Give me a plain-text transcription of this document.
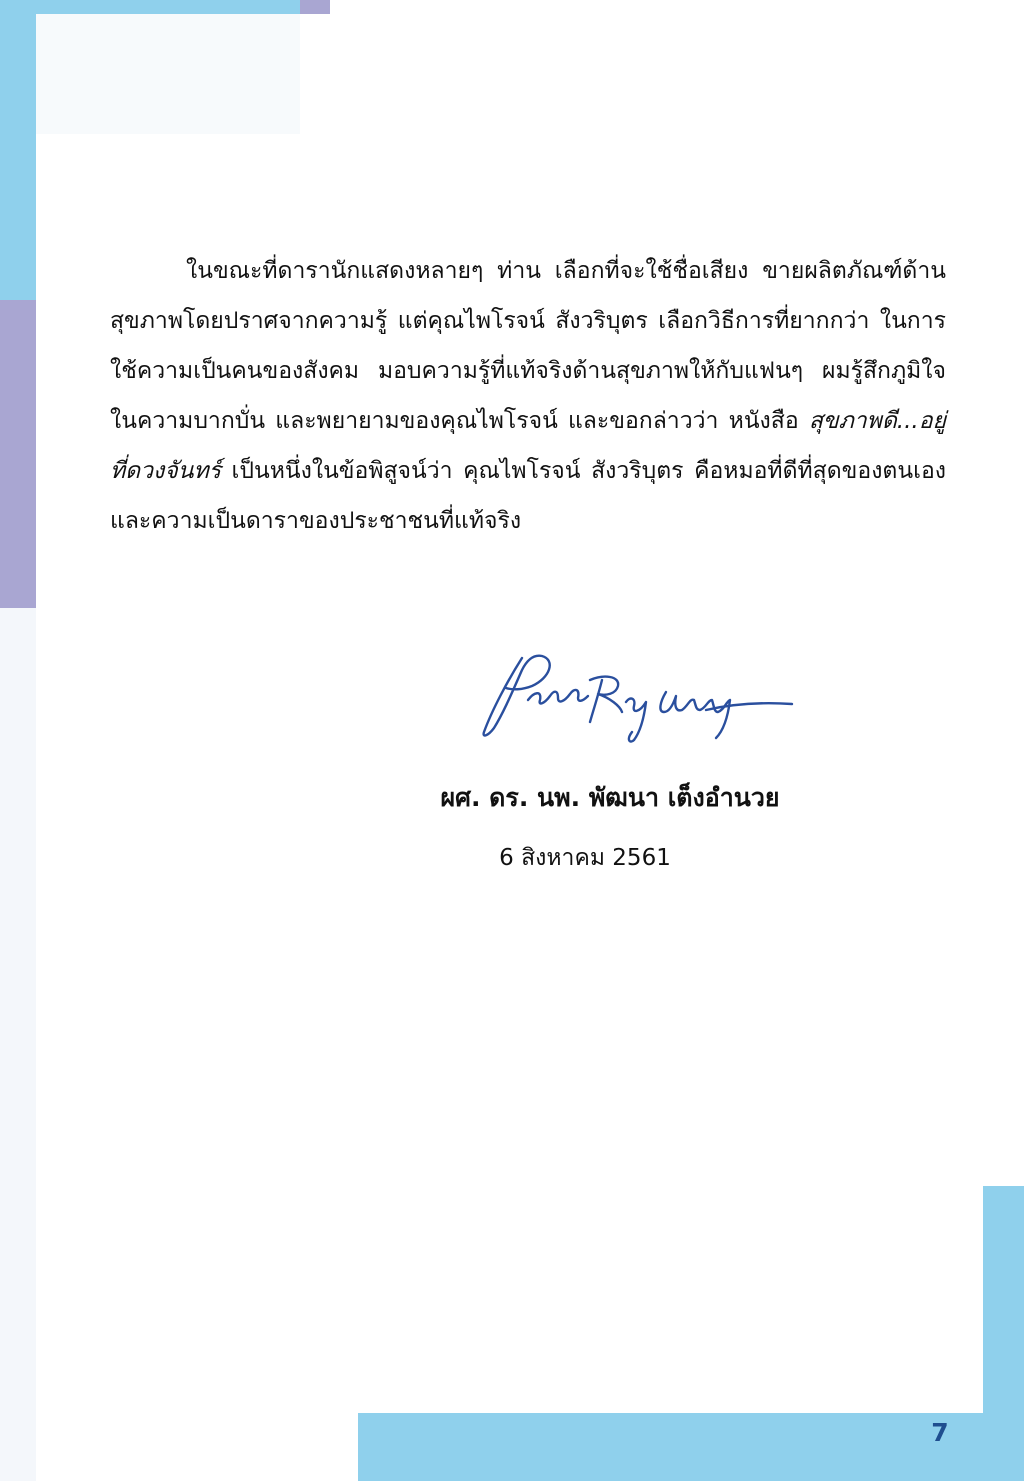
ในขณะที่ดารานักแสดงหลายๆ ท่าน เลือกที่จะใช้ชื่อเสียง ขายผลิตภัณฑ์ด้านสุขภาพโดยปราศจากความรู้ แต่คุณไพโรจน์ สังวริบุตร เลือกวิธีการที่ยากกว่า ในการใช้ความเป็นคนของสังคม มอบความรู้ที่แท้จริงด้านสุขภาพให้กับแฟนๆ ผมรู้สึกภูมิใจในความบากบั่น และพยายามของคุณไพโรจน์ และขอกล่าวว่า หนังสือ สุขภาพดี...อยู่ที่ดวงจันทร์ เป็นหนึ่งในข้อพิสูจน์ว่า คุณไพโรจน์ สังวริบุตร คือหมอที่ดีที่สุดของตนเอง และความเป็นดาราของประชาชนที่แท้จริง

ผศ. ดร. นพ. พัฒนา เต็งอำนวย
6 สิงหาคม 2561
7
